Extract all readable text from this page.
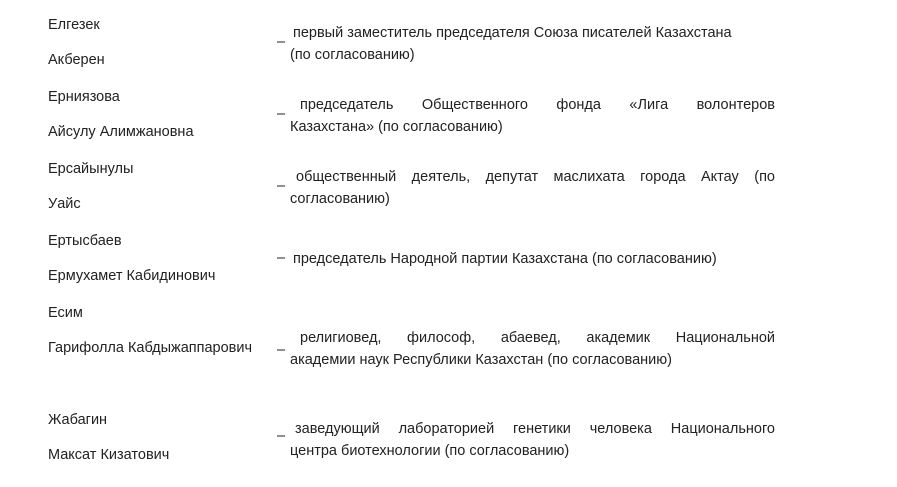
Елгезек
Акберен
–
первый заместитель председателя Союза писателей Казахстана
(по согласованию)
Ерниязова
Айсулу Алимжановна
–
председатель Общественного фонда «Лига волонтеров
Казахстана» (по согласованию)
Ерсайынулы
Уайс
–
общественный деятель, депутат маслихата города Актау (по
согласованию)
Ертысбаев
Ермухамет Кабидинович
– председатель Народной партии Казахстана (по согласованию)
Есим
Гарифолла Кабдыжаппарович –
религиовед, философ, абаевед, академик Национальной
академии наук Республики Казахстан (по согласованию)
Жабагин
Максат Кизатович
– заведующий лабораторией генетики человека Национального
центра биотехнологии (по согласованию)
